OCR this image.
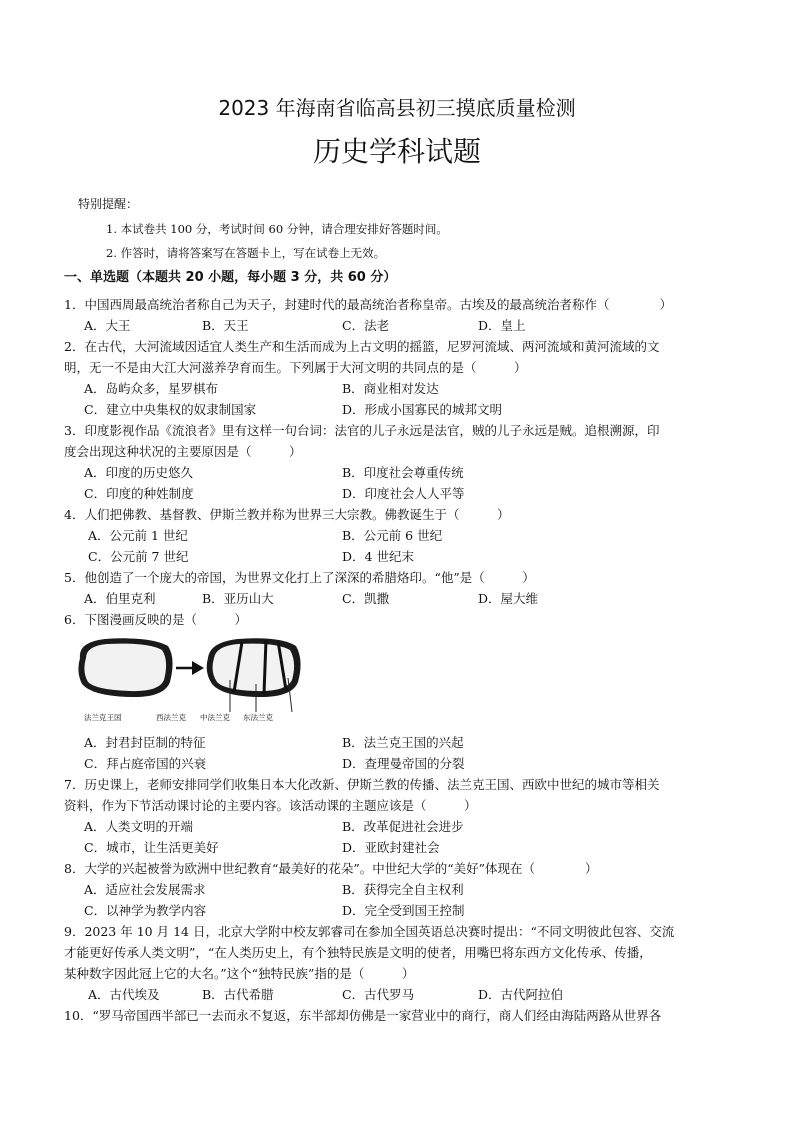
2023 年海南省临高县初三摸底质量检测
历史学科试题
特别提醒：
1. 本试卷共 100 分，考试时间 60 分钟，请合理安排好答题时间。
2. 作答时，请将答案写在答题卡上，写在试卷上无效。
一、单选题（本题共 20 小题，每小题 3 分，共 60 分）
1．中国西周最高统治者称自己为天子，封建时代的最高统治者称皇帝。古埃及的最高统治者称作（　　　　）
A．大王	B．天王	C．法老	D．皇上
2．在古代，大河流域因适宜人类生产和生活而成为上古文明的摇篮，尼罗河流域、两河流域和黄河流域的文
明，无一不是由大江大河滋养孕育而生。下列属于大河文明的共同点的是（　　　）
A．岛屿众多，星罗棋布	B．商业相对发达
C．建立中央集权的奴隶制国家	D．形成小国寡民的城邦文明
3．印度影视作品《流浪者》里有这样一句台词：法官的儿子永远是法官，贼的儿子永远是贼。追根溯源，印
度会出现这种状况的主要原因是（　　　）
A．印度的历史悠久	B．印度社会尊重传统
C．印度的种姓制度	D．印度社会人人平等
4．人们把佛教、基督教、伊斯兰教并称为世界三大宗教。佛教诞生于（　　　）
A．公元前 1 世纪	B．公元前 6 世纪
C．公元前 7 世纪	D．4 世纪末
5．他创造了一个庞大的帝国，为世界文化打上了深深的希腊烙印。“他”是（　　　）
A．伯里克利	B．亚历山大	C．凯撒	D．屋大维
6．下图漫画反映的是（　　　）
法兰克王国	西法兰克 中法兰克 东法兰克
A．封君封臣制的特征	B．法兰克王国的兴起
C．拜占庭帝国的兴衰	D．查理曼帝国的分裂
7．历史课上，老师安排同学们收集日本大化改新、伊斯兰教的传播、法兰克王国、西欧中世纪的城市等相关
资料，作为下节活动课讨论的主要内容。该活动课的主题应该是（　　　）
A．人类文明的开端	B．改革促进社会进步
C．城市，让生活更美好	D．亚欧封建社会
8．大学的兴起被誉为欧洲中世纪教育“最美好的花朵”。中世纪大学的“美好”体现在（　　　　）
A．适应社会发展需求	B．获得完全自主权利
C．以神学为教学内容	D．完全受到国王控制
9．2023 年 10 月 14 日，北京大学附中校友郭睿司在参加全国英语总决赛时提出：“不同文明彼此包容、交流
才能更好传承人类文明”，“在人类历史上，有个独特民族是文明的使者，用嘴巴将东西方文化传承、传播，
某种数字因此冠上它的大名。”这个“独特民族”指的是（　　　）
A．古代埃及	B．古代希腊	C．古代罗马	D．古代阿拉伯
10．“罗马帝国西半部已一去而永不复返，东半部却仿佛是一家营业中的商行，商人们经由海陆两路从世界各
